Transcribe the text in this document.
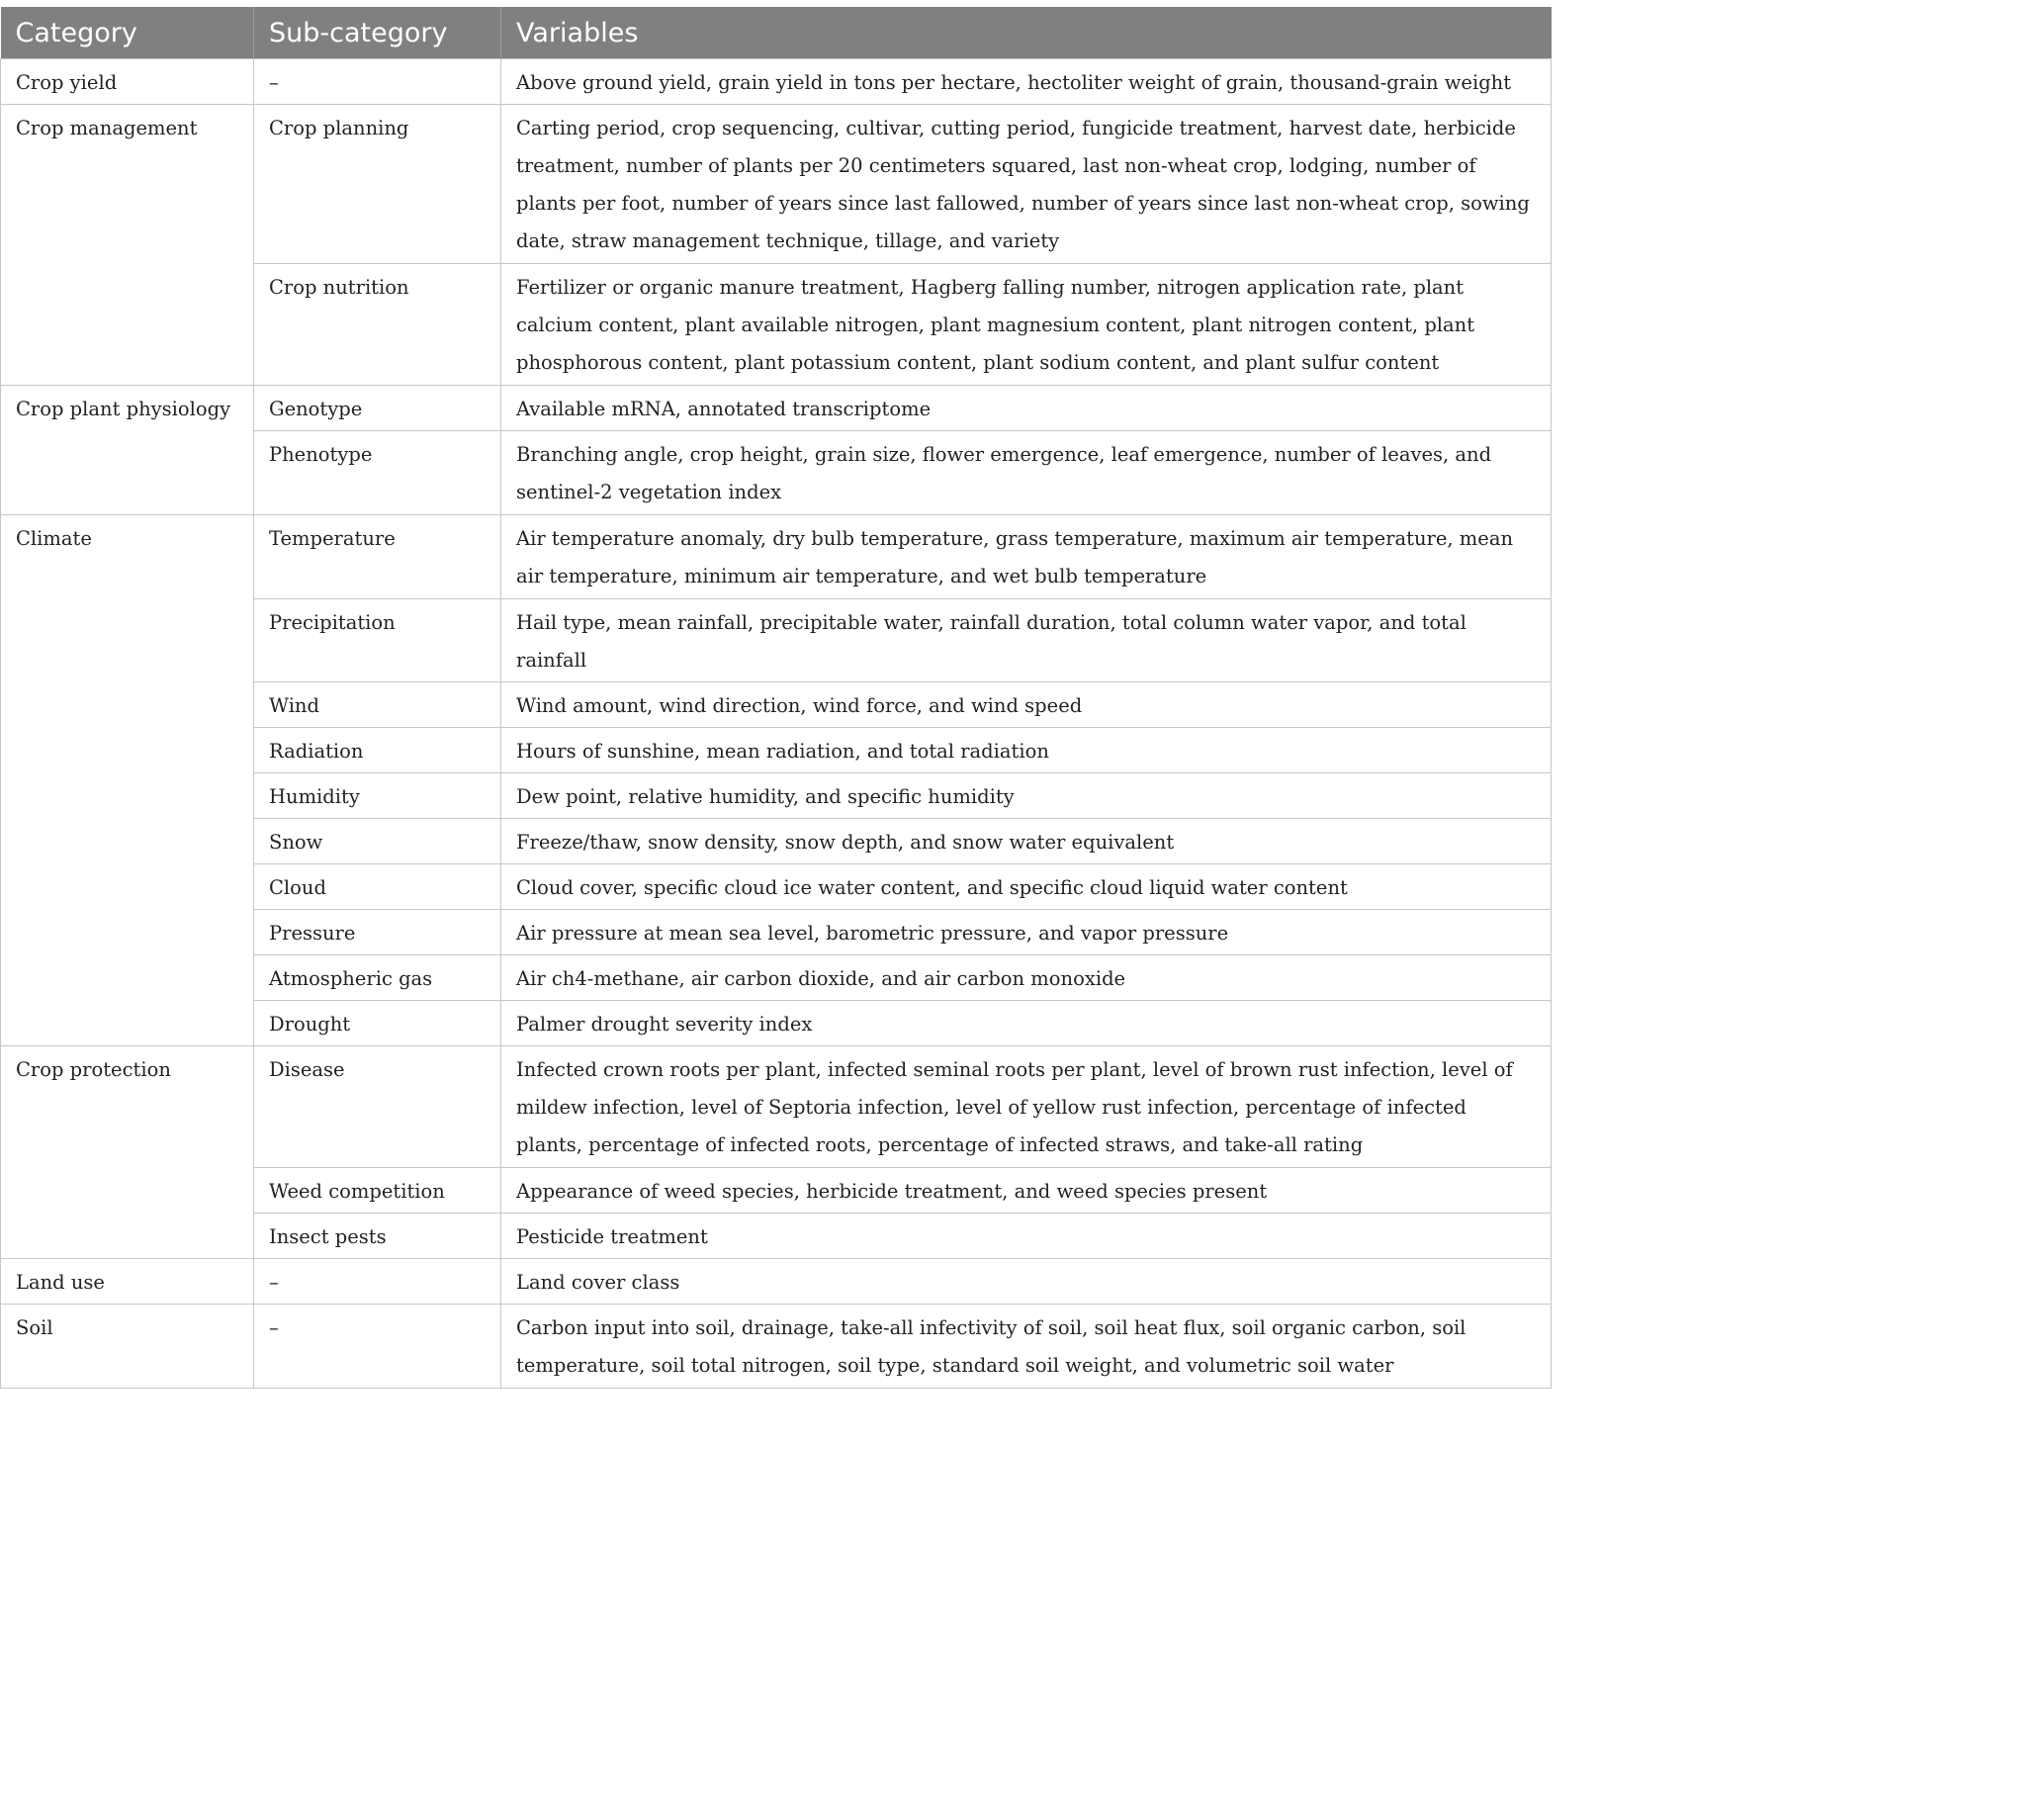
Category	Sub-category	Variables
Crop yield	–	Above ground yield, grain yield in tons per hectare, hectoliter weight of grain, thousand-grain weight
Crop management	Crop planning	Carting period, crop sequencing, cultivar, cutting period, fungicide treatment, harvest date, herbicide treatment, number of plants per 20 centimeters squared, last non-wheat crop, lodging, number of plants per foot, number of years since last fallowed, number of years since last non-wheat crop, sowing date, straw management technique, tillage, and variety
	Crop nutrition	Fertilizer or organic manure treatment, Hagberg falling number, nitrogen application rate, plant calcium content, plant available nitrogen, plant magnesium content, plant nitrogen content, plant phosphorous content, plant potassium content, plant sodium content, and plant sulfur content
Crop plant physiology	Genotype	Available mRNA, annotated transcriptome
	Phenotype	Branching angle, crop height, grain size, flower emergence, leaf emergence, number of leaves, and sentinel-2 vegetation index
Climate	Temperature	Air temperature anomaly, dry bulb temperature, grass temperature, maximum air temperature, mean air temperature, minimum air temperature, and wet bulb temperature
	Precipitation	Hail type, mean rainfall, precipitable water, rainfall duration, total column water vapor, and total rainfall
	Wind	Wind amount, wind direction, wind force, and wind speed
	Radiation	Hours of sunshine, mean radiation, and total radiation
	Humidity	Dew point, relative humidity, and specific humidity
	Snow	Freeze/thaw, snow density, snow depth, and snow water equivalent
	Cloud	Cloud cover, specific cloud ice water content, and specific cloud liquid water content
	Pressure	Air pressure at mean sea level, barometric pressure, and vapor pressure
	Atmospheric gas	Air ch4-methane, air carbon dioxide, and air carbon monoxide
	Drought	Palmer drought severity index
Crop protection	Disease	Infected crown roots per plant, infected seminal roots per plant, level of brown rust infection, level of mildew infection, level of Septoria infection, level of yellow rust infection, percentage of infected plants, percentage of infected roots, percentage of infected straws, and take-all rating
	Weed competition	Appearance of weed species, herbicide treatment, and weed species present
	Insect pests	Pesticide treatment
Land use	–	Land cover class
Soil	–	Carbon input into soil, drainage, take-all infectivity of soil, soil heat flux, soil organic carbon, soil temperature, soil total nitrogen, soil type, standard soil weight, and volumetric soil water
